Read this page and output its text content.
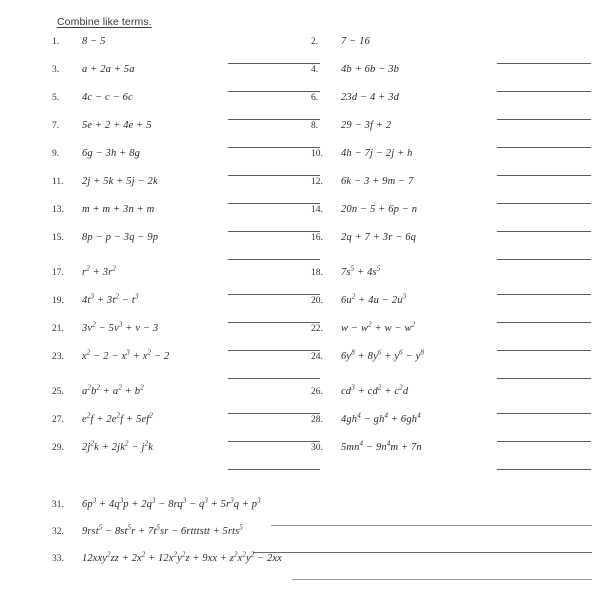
Combine like terms.
1.	8 − 5
3.	a + 2a + 5a
5.	4c − c − 6c
7.	5e + 2 + 4e + 5
9.	6g − 3h + 8g
11.	2j + 5k + 5j − 2k
13.	m + m + 3n + m
15.	8p − p − 3q − 9p
17.	$r^2 + 3r^2$
19.	$4t^3 + 3t^2 - t^3$
21.	$3v^2 - 5v^3 + v - 3$
23.	$x^2 - 2 - x^3 + x^2 - 2$
25.	$a^2b^2 + a^2 + b^2$
27.	$e^2f + 2e^2f + 5ef^2$
29.	$2j^2k + 2jk^2 - j^2k$
2.	7 − 16
4.	4b + 6b − 3b
6.	23d − 4 + 3d
8.	29 − 3f + 2
10.	4h − 7j − 2j + h
12.	6k − 3 + 9m − 7
14.	20n − 5 + 6p − n
16.	2q + 7 + 3r − 6q
18.	$7s^5 + 4s^5$
20.	$6u^2 + 4u - 2u^3$
22.	$w - w^2 + w - w^2$
24.	$6y^8 + 8y^6 + y^6 - y^8$
26.	$cd^3 + cd^2 + c^2d$
28.	$4gh^4 - gh^4 + 6gh^4$
30.	$5mn^4 - 9n^4m + 7n$
31.	$6p^3 + 4q^3p + 2q^3 - 8rq^3 - q^3 + 5r^3q + p^3$
32.	$9rst^5 - 8st^5r + 7t^5sr$ − 6rtttstt + 5rts$^5$
33.	$12xxy^2zz + 2x^2 + 12x^2y^2z + 9xx + z^2x^2y^2 - 2xx$
